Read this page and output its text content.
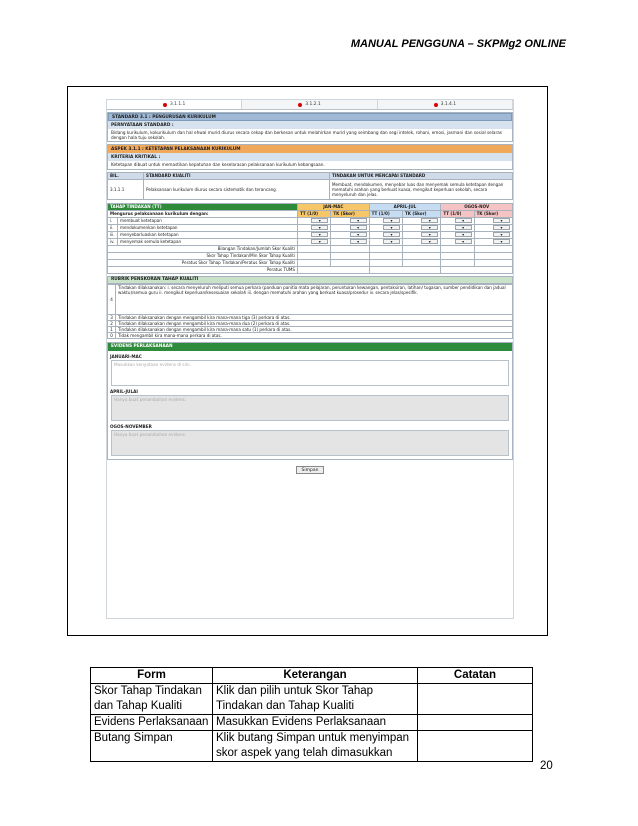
MANUAL PENGGUNA – SKPMg2 ONLINE
3.1.1.1	3.1.2.1	3.1.4.1
STANDARD 3.1 : PENGURUSAN KURIKULUM
PERNYATAAN STANDARD :
Bidang kurikulum, kokurikulum dan hal ehwal murid diurus secara cekap dan berkesan untuk melahirkan murid yang seimbang dan segi intelek, rohani, emosi, jasmani dan sosial selaras dengan hala tuju sekolah.
ASPEK 3.1.1 : KETETAPAN PELAKSANAAN KURIKULUM
KRITERIA KRITIKAL :
Ketetapan dibuat untuk memastikan kepatuhan dan keselarasan pelaksanaan kurikulum kebangsaan.
BIL.	STANDARD KUALITI	TINDAKAN UNTUK MENCAPAI STANDARD
3.1.1.1	Pelaksanaan kurikulum diurus secara sistematik dan terancang.	Membuat, mendokumen, menyebar luas dan menyemak semula ketetapan dengan mematuhi arahan yang berkuat kuasa, mengikut keperluan sekolah, secara menyeluruh dan jelas.
TAHAP TINDAKAN (TT)		JAN-MAC		APRIL-JUL		OGOS-NOV	
Mengurus pelaksanaan kurikulum dengan:		TT (1/0)	TK (Skor)	TT (1/0)	TK (Skor)	TT (1/0)	TK (Skor)
i.	membuat ketetapan	▾	▾	▾	▾	▾	▾
ii.	mendokumenkan ketetapan	▾	▾	▾	▾	▾	▾
iii.	menyebarluaskan ketetapan	▾	▾	▾	▾	▾	▾
iv.	menyemak semula ketetapan	▾	▾	▾	▾	▾	▾
Bilangan Tindakan/Jumlah Skor Kualiti							
Skor Tahap Tindakan/Min Skor Tahap Kualiti							
Peratus Skor Tahap Tindakan/Peratus Skor Tahap Kualiti							
Peratus TUMS							
RUBRIK PENSKORAN TAHAP KUALITI
4	Tindakan dilaksanakan: i. secara menyeluruh meliputi semua perkara (panduan panitia mata pelajaran, peruntukan kewangan, pentaksiran, latihan/ tugasan, sumber pendidikan dan jadual waktu)/semua guru ii. mengikut keperluan/kesesuaian sekolah iii. dengan mematuhi arahan yang berkuat kuasa/prosedur iv. secara jelas/spesifik.
3	Tindakan dilaksanakan dengan mengambil kira mana-mana tiga (3) perkara di atas.
2	Tindakan dilaksanakan dengan mengambil kira mana-mana dua (2) perkara di atas.
1	Tindakan dilaksanakan dengan mengambil kira mana-mana satu (1) perkara di atas.
0	Tidak mengambil kira mana-mana perkara di atas.
EVIDENS PERLAKSANAAN
JANUARI-MAC
Masukkan kenyataan evidens di sini.
APRIL-JULAI
Hanya buat penambahan evidens.
OGOS-NOVEMBER
Hanya buat penambahan evidens.
Simpan
Form	Keterangan	Catatan
Skor Tahap Tindakan dan Tahap Kualiti	Klik dan pilih untuk Skor Tahap Tindakan dan Tahap Kualiti	
Evidens Perlaksanaan	Masukkan Evidens Perlaksanaan	
Butang Simpan	Klik butang Simpan untuk menyimpan skor aspek yang telah dimasukkan	
20
